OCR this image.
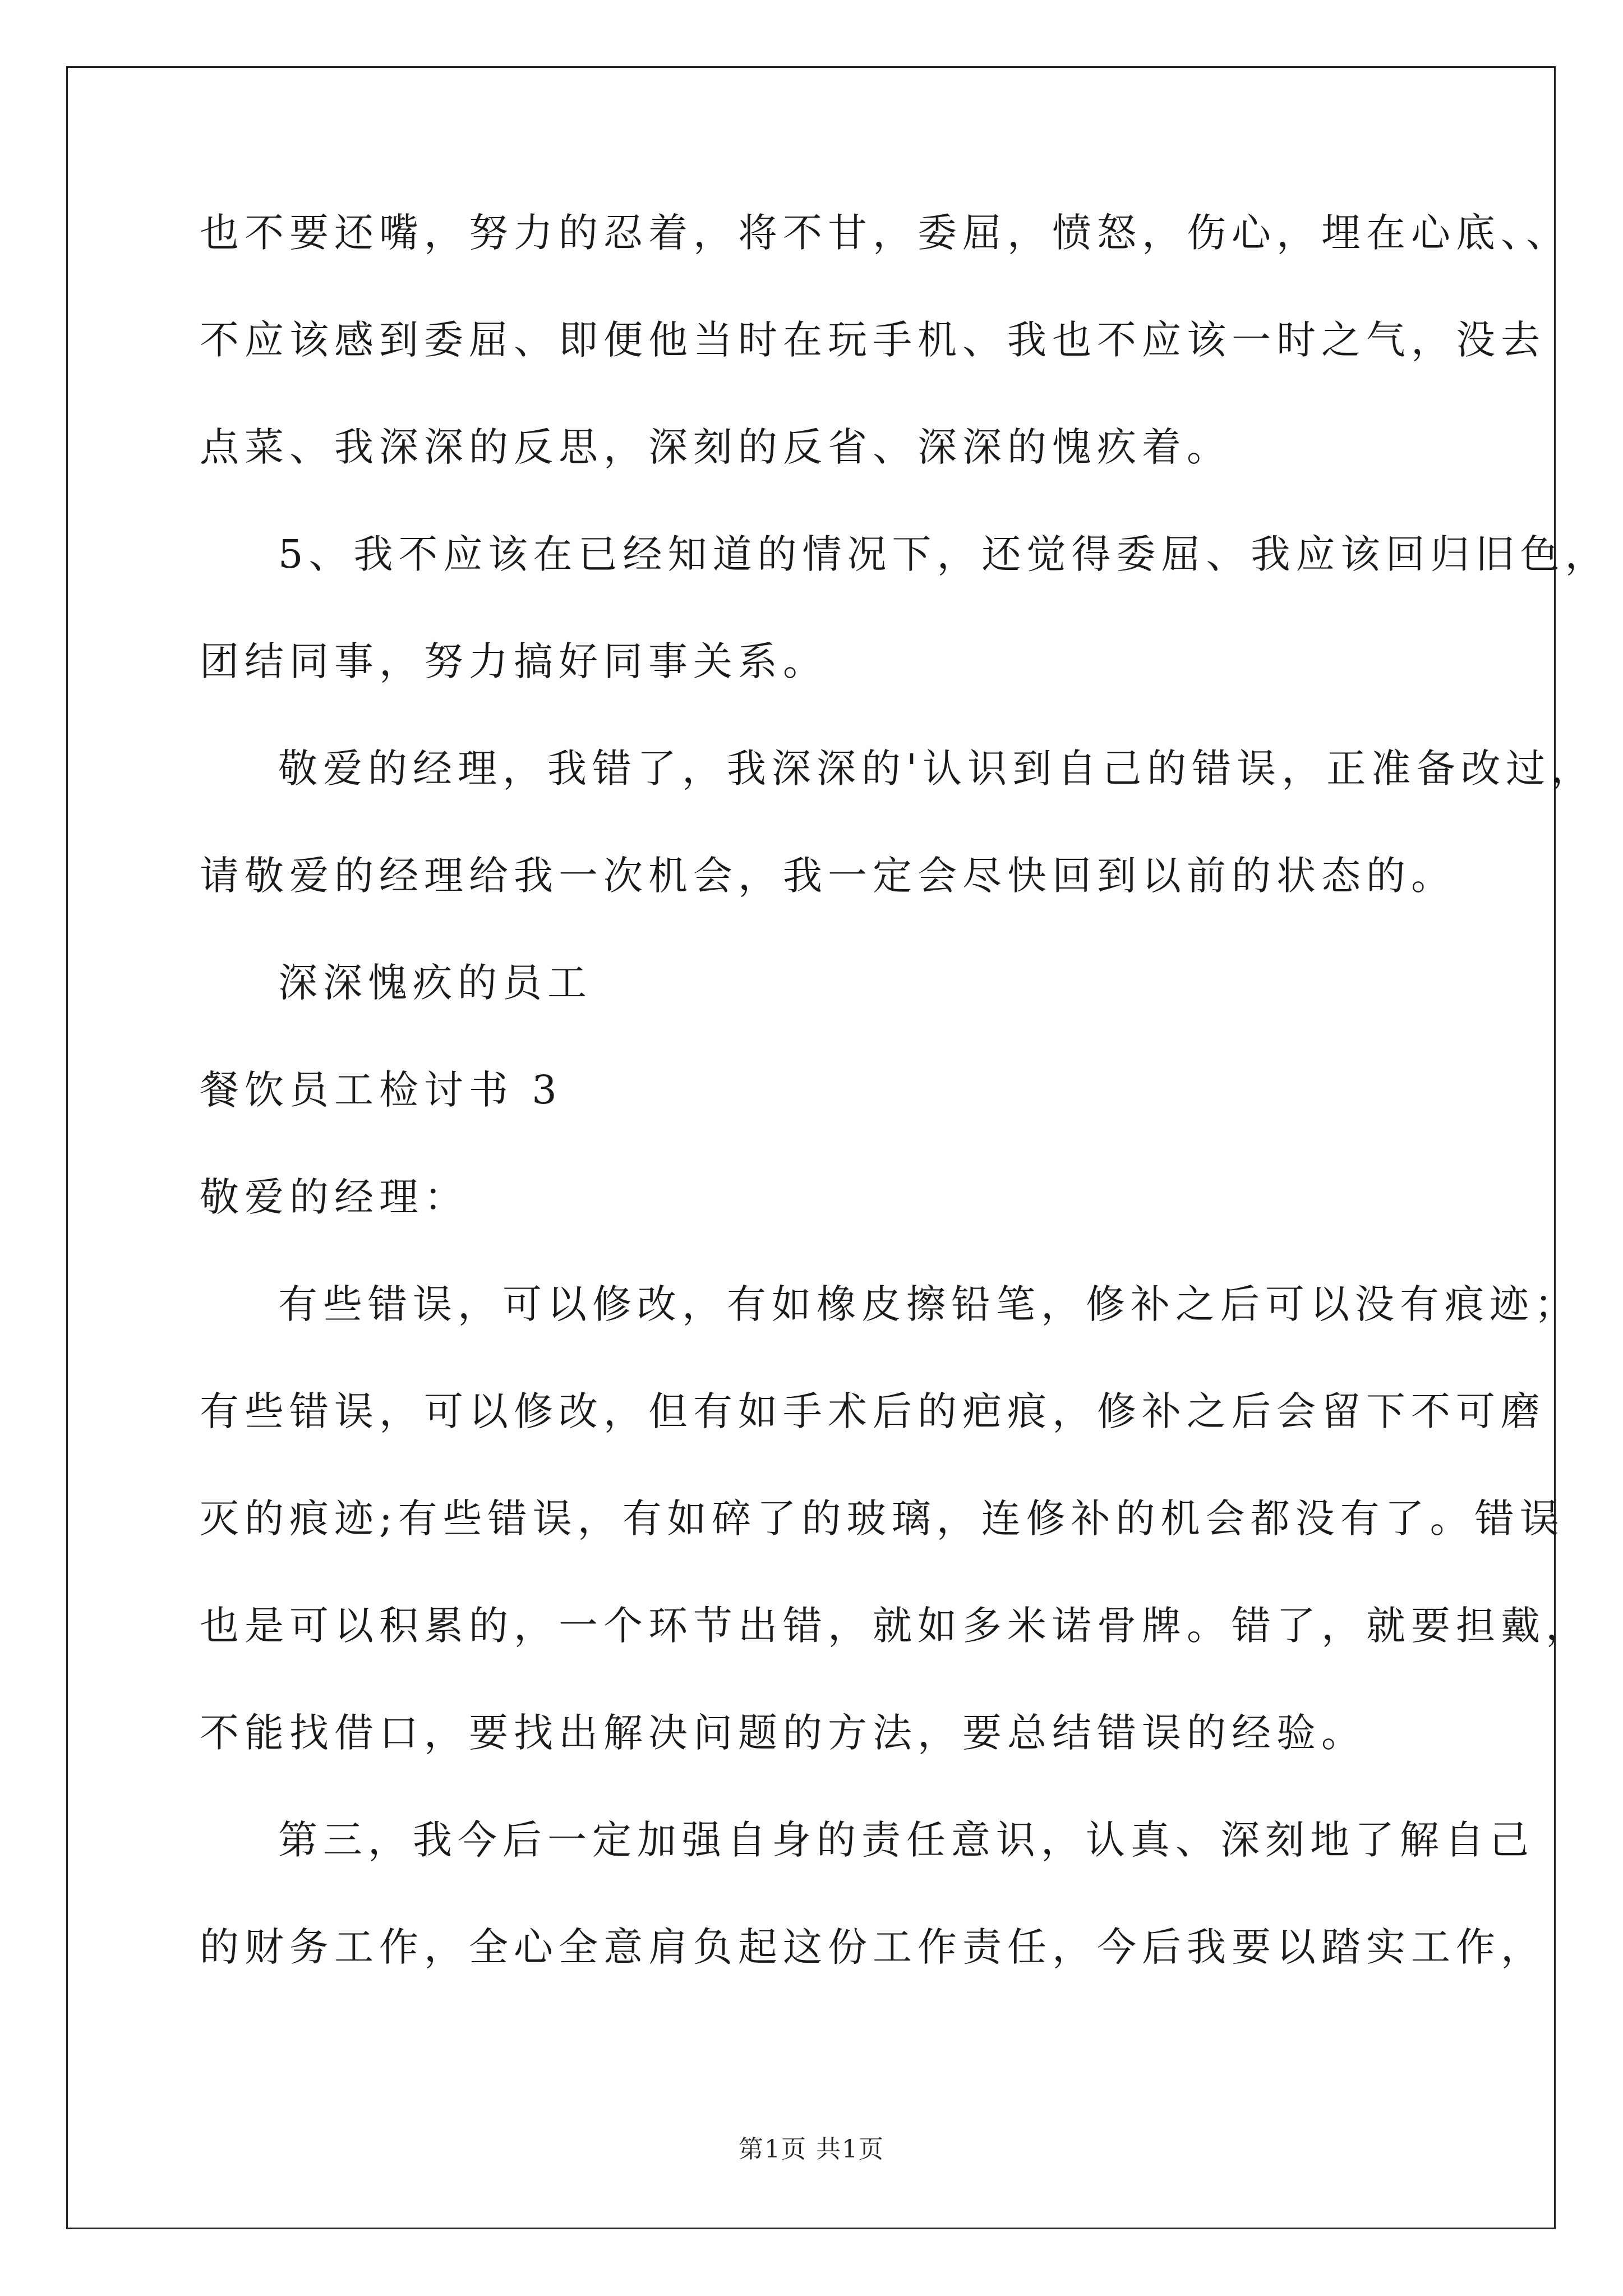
也不要还嘴，努力的忍着，将不甘，委屈，愤怒，伤心，埋在心底、、
不应该感到委屈、即便他当时在玩手机、我也不应该一时之气，没去
点菜、我深深的反思，深刻的反省、深深的愧疚着。
5、我不应该在已经知道的情况下，还觉得委屈、我应该回归旧色，
团结同事，努力搞好同事关系。
敬爱的经理，我错了，我深深的'认识到自己的错误，正准备改过，
请敬爱的经理给我一次机会，我一定会尽快回到以前的状态的。
深深愧疚的员工
餐饮员工检讨书 3
敬爱的经理：
有些错误，可以修改，有如橡皮擦铅笔，修补之后可以没有痕迹；
有些错误，可以修改，但有如手术后的疤痕，修补之后会留下不可磨
灭的痕迹;有些错误，有如碎了的玻璃，连修补的机会都没有了。错误
也是可以积累的，一个环节出错，就如多米诺骨牌。错了，就要担戴，
不能找借口，要找出解决问题的方法，要总结错误的经验。
第三，我今后一定加强自身的责任意识，认真、深刻地了解自己
的财务工作，全心全意肩负起这份工作责任，今后我要以踏实工作，
第1页 共1页
